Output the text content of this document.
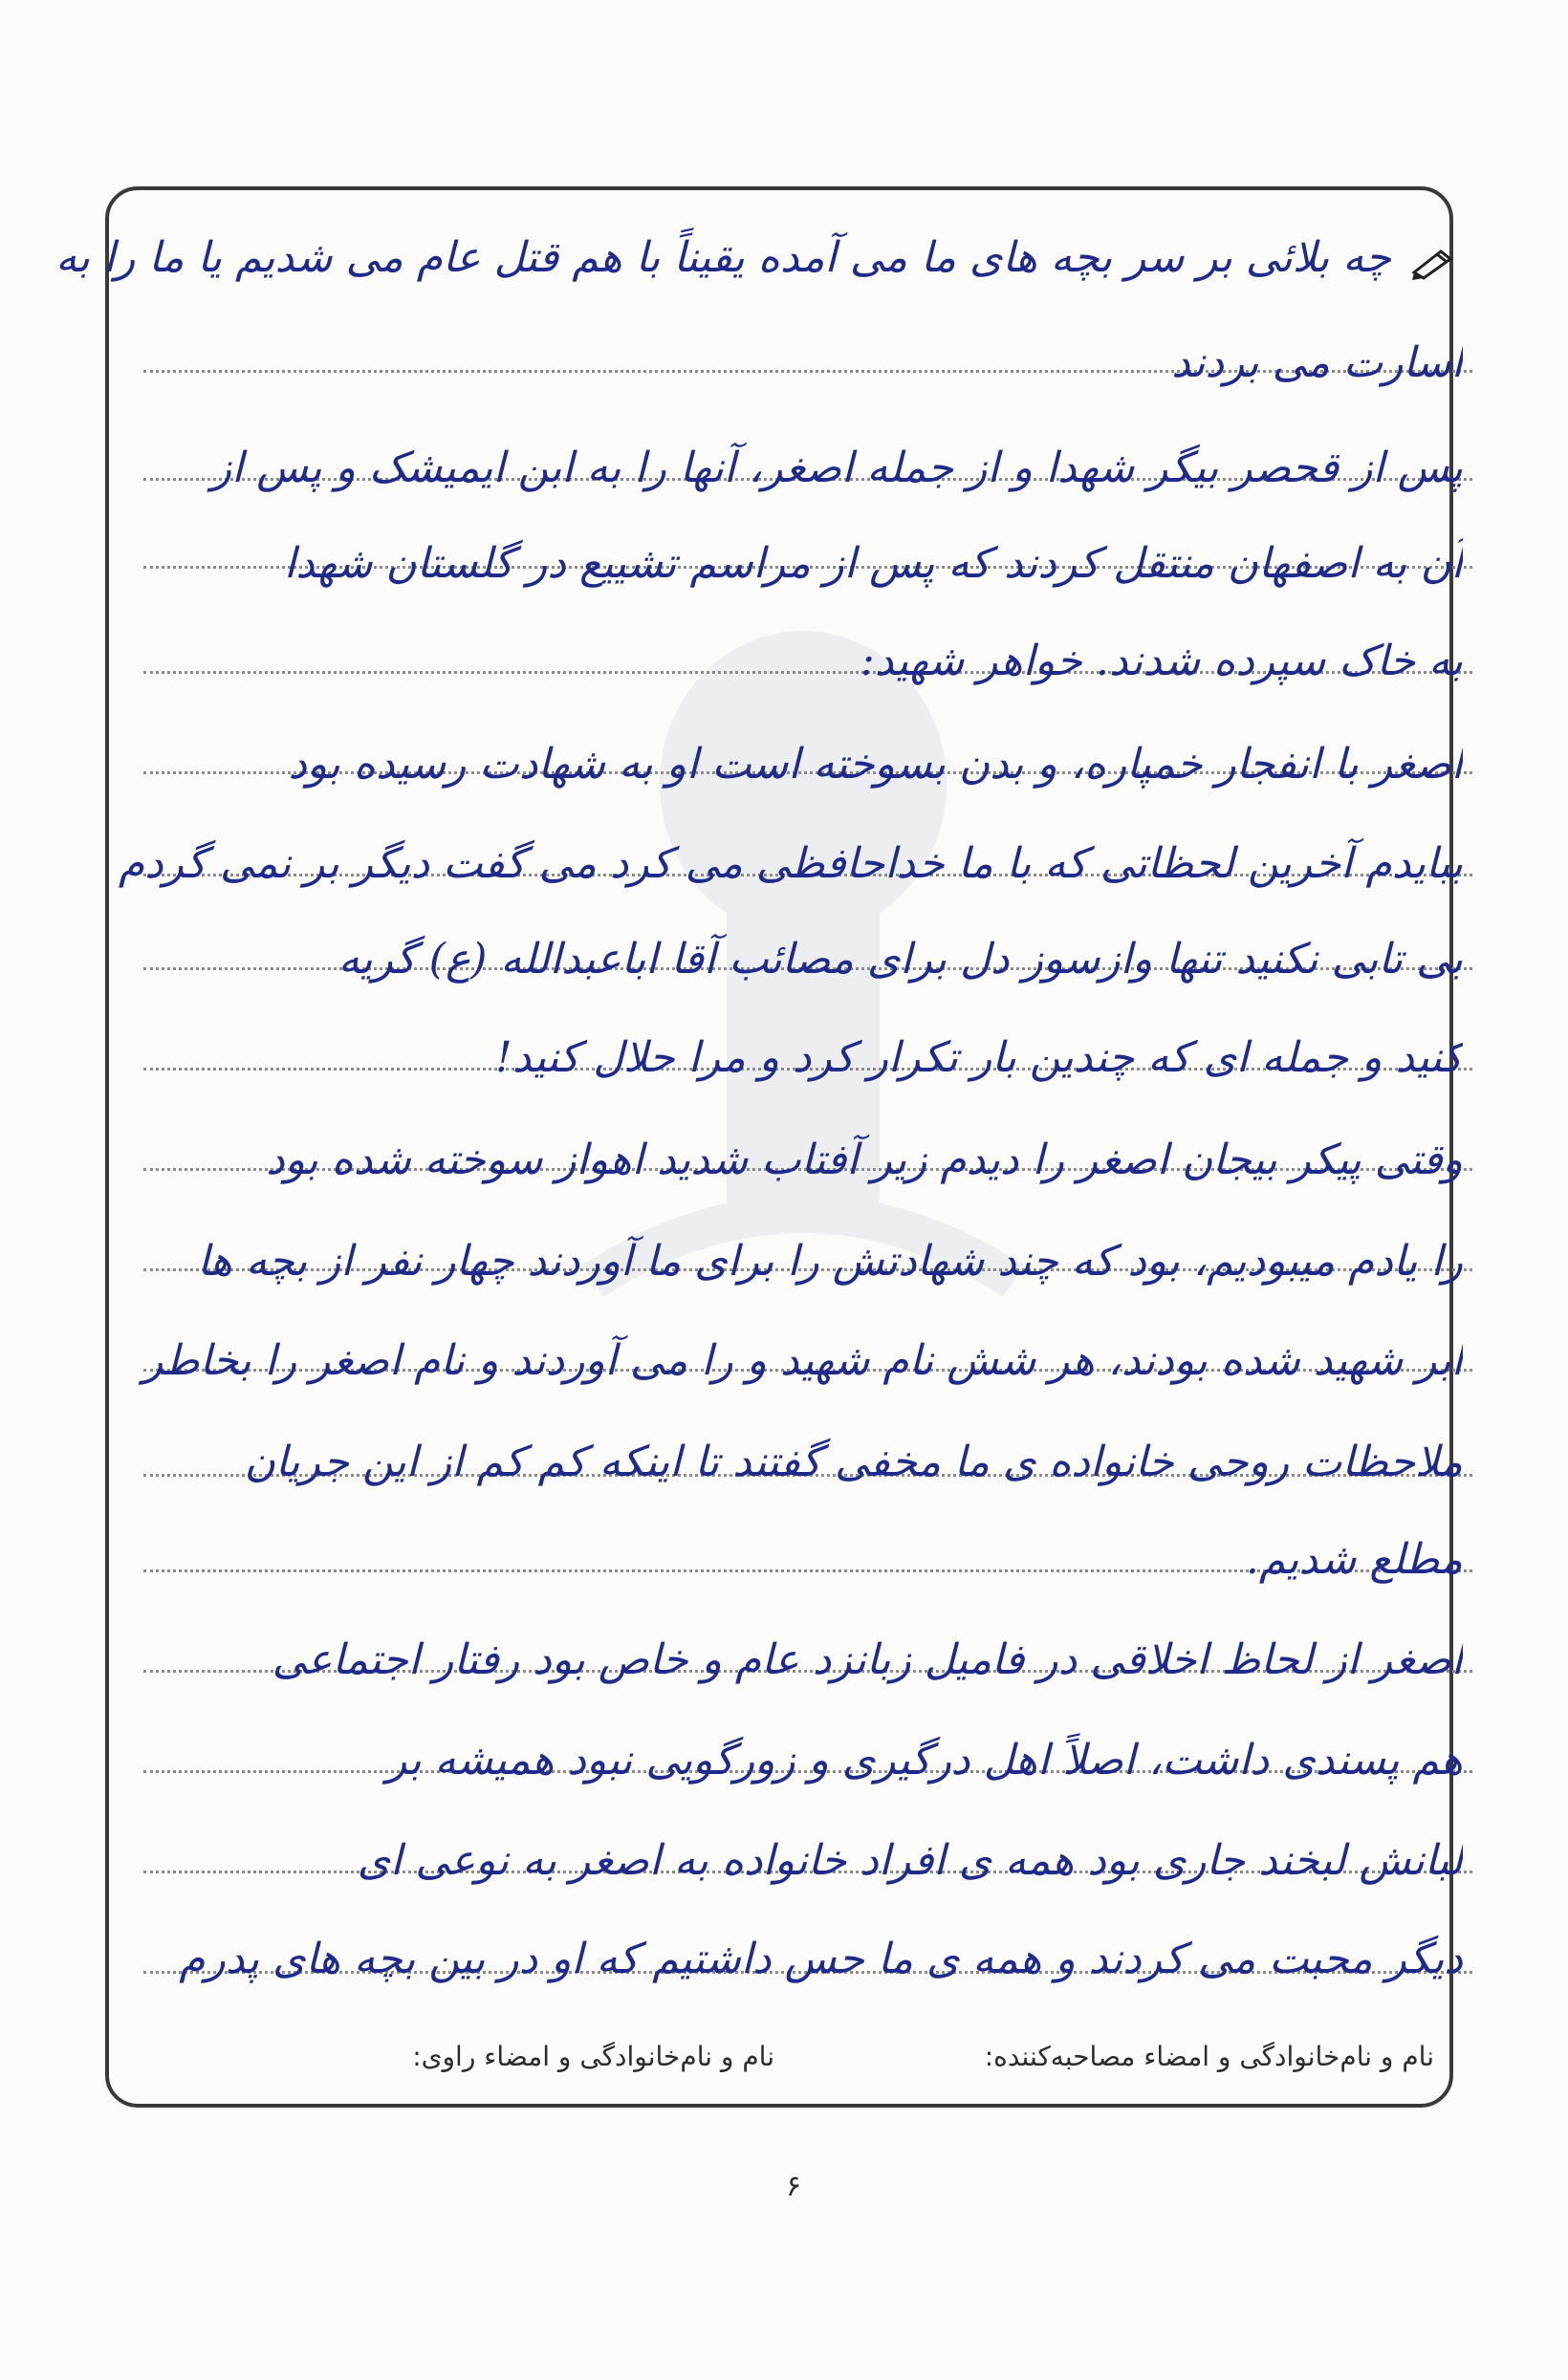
چه بلائی بر سر بچه های ما می آمده یقیناً با هم قتل عام می شدیم یا ما را به
اسارت می بردند
پس از قحصر بیگر شهدا و از جمله اصغر، آنها را به ابن ایمیشک و پس از
آن به اصفهان منتقل کردند که پس از مراسم تشییع در گلستان شهدا
به خاک سپرده شدند. خواهر شهید:
اصغر با انفجار خمپاره، و بدن بسوخته است او به شهادت رسیده بود
ببایدم آخرین لحظاتی که با ما خداحافظی می کرد می گفت دیگر بر نمی گردم
بی تابی نکنید تنها وازسوز دل برای مصائب آقا اباعبدالله (ع) گریه
کنید و جمله ای که چندین بار تکرار کرد و مرا حلال کنید!
وقتی پیکر بیجان اصغر را دیدم زیر آفتاب شدید اهواز سوخته شده بود
را یادم میبودیم، بود که چند شهادتش را برای ما آوردند چهار نفر از بچه ها
ابر شهید شده بودند، هر شش نام شهید و را می آوردند و نام اصغر را بخاطر
ملاحظات روحی خانواده ی ما مخفی گفتند تا اینکه کم کم از این جریان
مطلع شدیم.
اصغر از لحاظ اخلاقی در فامیل زبانزد عام و خاص بود رفتار اجتماعی
هم پسندی داشت، اصلاً اهل درگیری و زورگویی نبود همیشه بر
لبانش لبخند جاری بود همه ی افراد خانواده به اصغر به نوعی ای
دیگر محبت می کردند و همه ی ما حس داشتیم که او در بین بچه های پدرم
نام و نام‌خانوادگی و امضاء مصاحبه‌کننده:
نام و نام‌خانوادگی و امضاء راوی:
۶
